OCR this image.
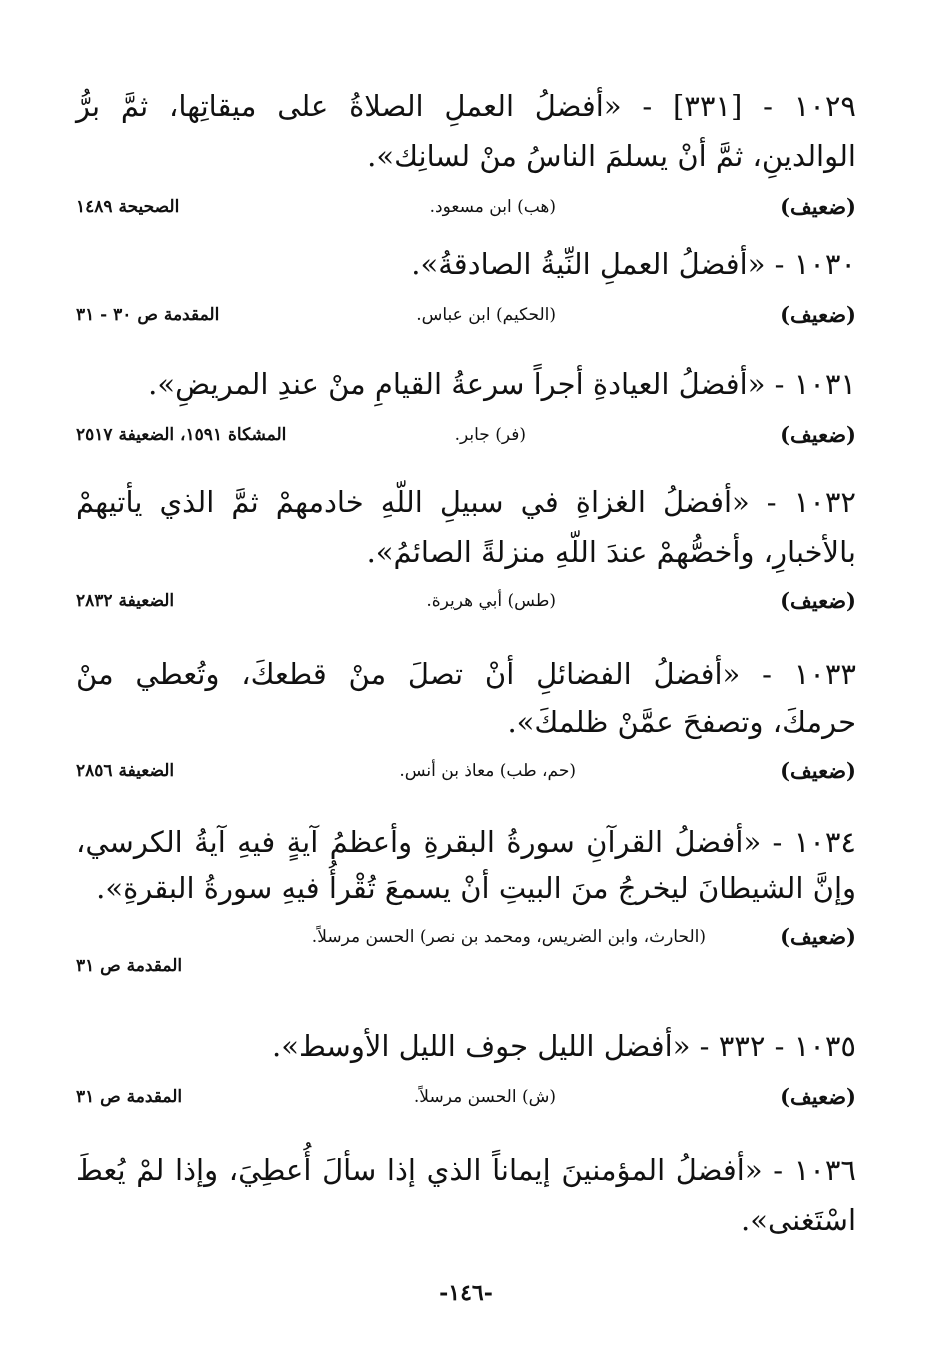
١٠٢٩ - [٣٣١] - «أفضلُ العملِ الصلاةُ على ميقاتِها، ثمَّ برُّ
الوالدينِ، ثمَّ أنْ يسلمَ الناسُ منْ لسانِك».
(ضعيف)
(هب) ابن مسعود.
الصحيحة ١٤٨٩
١٠٣٠ - «أفضلُ العملِ النِّيةُ الصادقةُ».
(ضعيف)
(الحكيم) ابن عباس.
المقدمة ص ٣٠ - ٣١
١٠٣١ - «أفضلُ العيادةِ أجراً سرعةُ القيامِ منْ عندِ المريضِ».
(ضعيف)
(فر) جابر.
المشكاة ١٥٩١، الضعيفة ٢٥١٧
١٠٣٢ - «أفضلُ الغزاةِ في سبيلِ اللّهِ خادمهمْ ثمَّ الذي يأتيهمْ
بالأخبارِ، وأخصُّهمْ عندَ اللّهِ منزلةً الصائمُ».
(ضعيف)
(طس) أبي هريرة.
الضعيفة ٢٨٣٢
١٠٣٣ - «أفضلُ الفضائلِ أنْ تصلَ منْ قطعكَ، وتُعطي منْ
حرمكَ، وتصفحَ عمَّنْ ظلمكَ».
(ضعيف)
(حم، طب) معاذ بن أنس.
الضعيفة ٢٨٥٦
١٠٣٤ - «أفضلُ القرآنِ سورةُ البقرةِ وأعظمُ آيةٍ فيهِ آيةُ الكرسي،
وإنَّ الشيطانَ ليخرجُ منَ البيتِ أنْ يسمعَ تُقْرأُ فيهِ سورةُ البقرةِ».
(ضعيف)
(الحارث، وابن الضريس، ومحمد بن نصر) الحسن مرسلاً.
المقدمة ص ٣١
١٠٣٥ - ٣٣٢ - «أفضل الليل جوف الليل الأوسط».
(ضعيف)
(ش) الحسن مرسلاً.
المقدمة ص ٣١
١٠٣٦ - «أفضلُ المؤمنينَ إيماناً الذي إذا سألَ أُعطِيَ، وإذا لمْ يُعطَ
اسْتَغنى».
-١٤٦-
